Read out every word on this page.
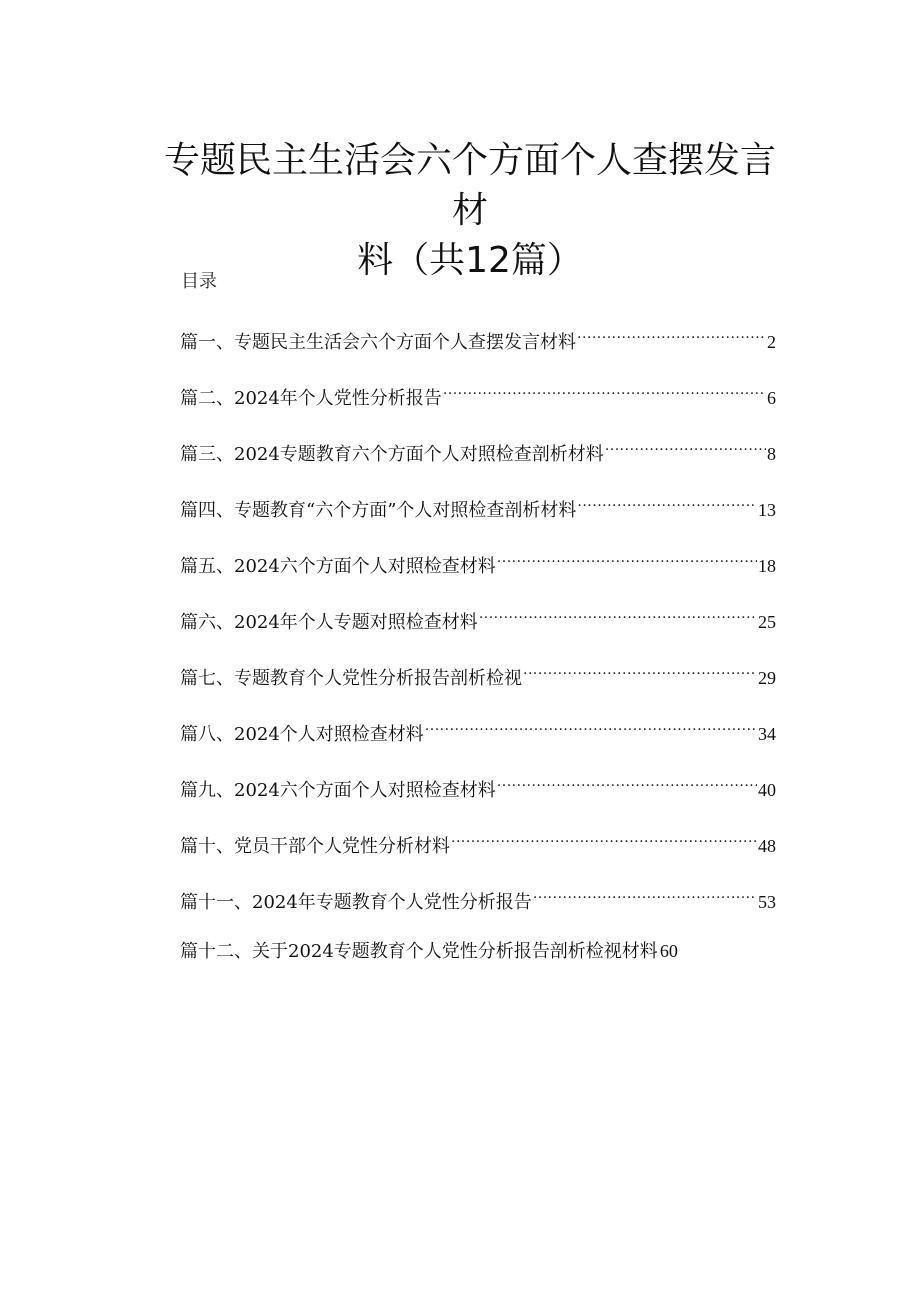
专题民主生活会六个方面个人查摆发言材
料（共12篇）

目录

篇一、专题民主生活会六个方面个人查摆发言材料 .....	2
篇二、2024年个人党性分析报告 .....	6
篇三、2024专题教育六个方面个人对照检查剖析材料 .....	8
篇四、专题教育“六个方面”个人对照检查剖析材料 .....	13
篇五、2024六个方面个人对照检查材料 .....	18
篇六、2024年个人专题对照检查材料 .....	25
篇七、专题教育个人党性分析报告剖析检视 .....	29
篇八、2024个人对照检查材料 .....	34
篇九、2024六个方面个人对照检查材料 .....	40
篇十、党员干部个人党性分析材料 .....	48
篇十一、2024年专题教育个人党性分析报告 .....	53
篇十二、关于2024专题教育个人党性分析报告剖析检视材料 60
